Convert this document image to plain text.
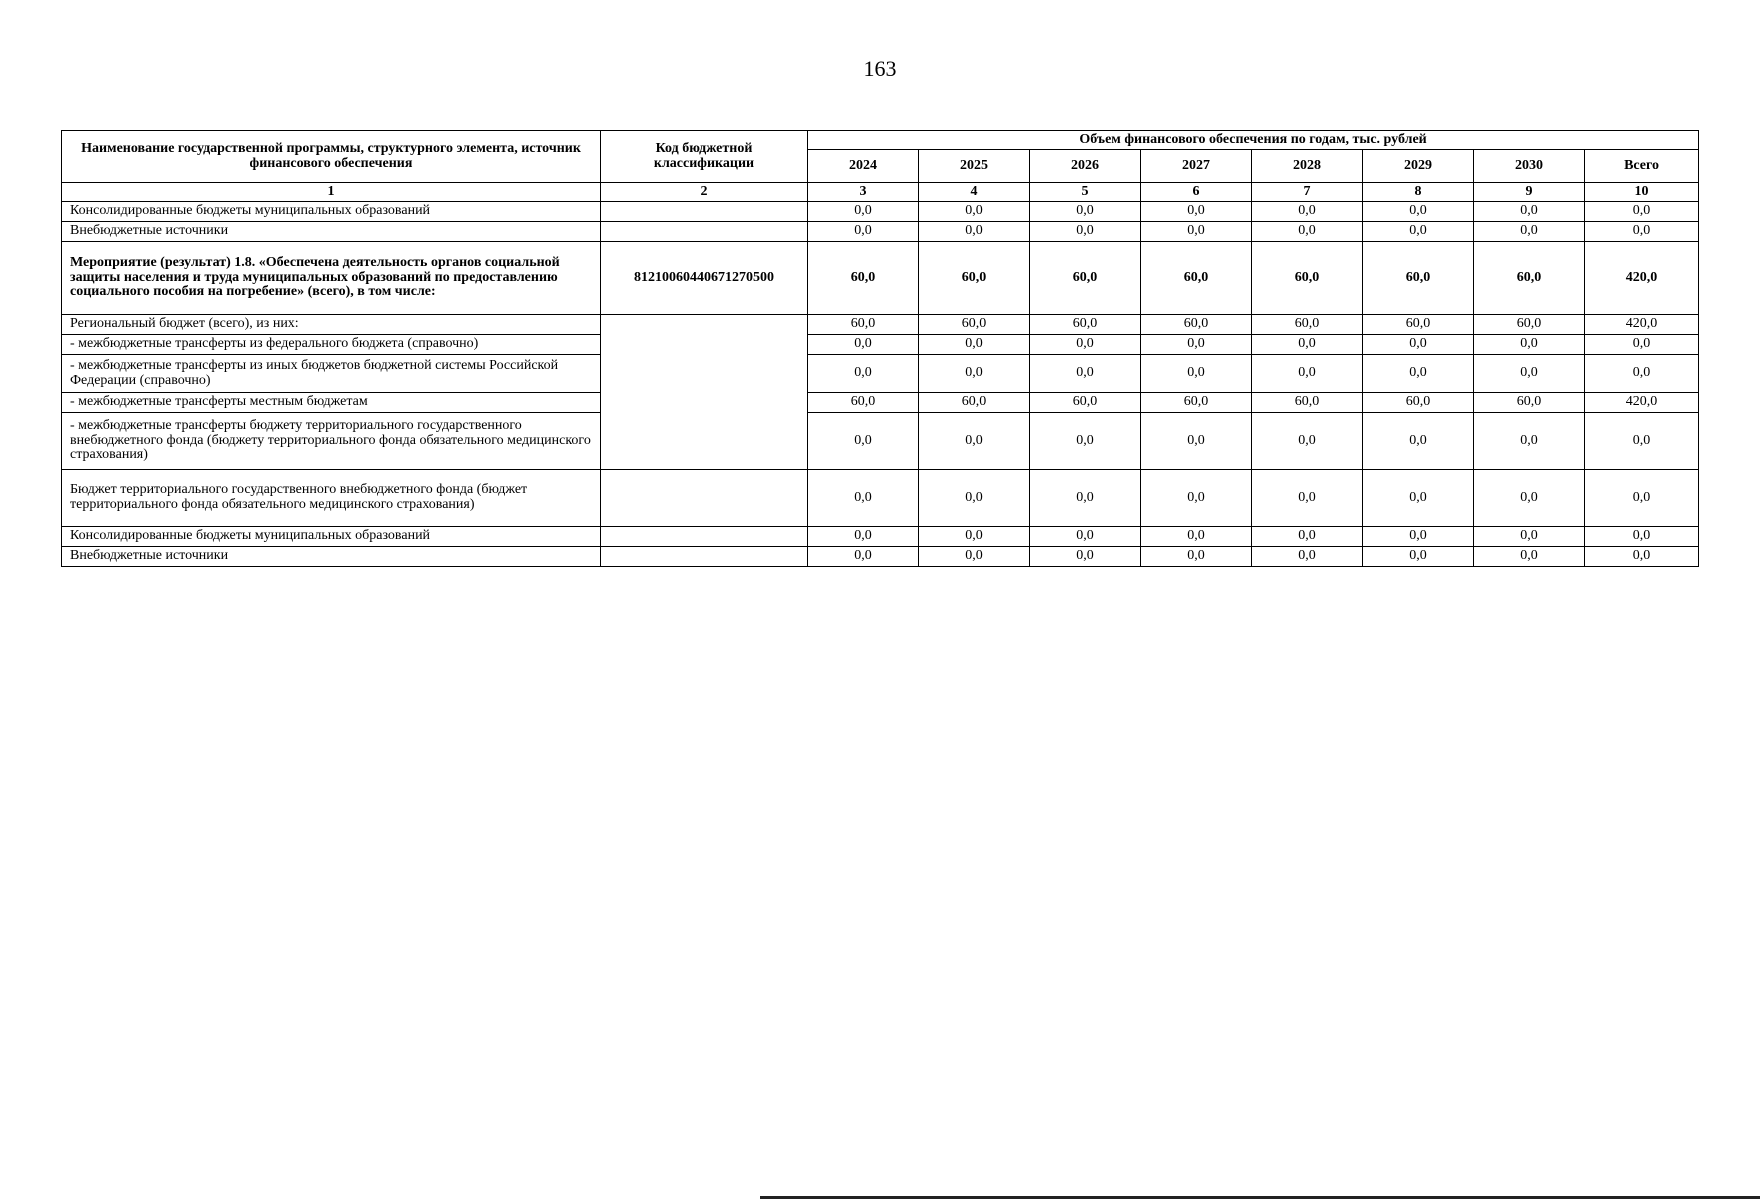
163
Наименование государственной программы, структурного элемента, источник финансового обеспечения	Код бюджетной классификации	Объем финансового обеспечения по годам, тыс. рублей							
		2024	2025	2026	2027	2028	2029	2030	Всего
1	2	3	4	5	6	7	8	9	10
Консолидированные бюджеты муниципальных образований		0,0	0,0	0,0	0,0	0,0	0,0	0,0	0,0
Внебюджетные источники		0,0	0,0	0,0	0,0	0,0	0,0	0,0	0,0
Мероприятие (результат) 1.8. «Обеспечена деятельность органов социальной защиты населения и труда муниципальных образований по предоставлению социального пособия на погребение» (всего), в том числе:	81210060440671270500	60,0	60,0	60,0	60,0	60,0	60,0	60,0	420,0
Региональный бюджет (всего), из них:		60,0	60,0	60,0	60,0	60,0	60,0	60,0	420,0
- межбюджетные трансферты из федерального бюджета (справочно)		0,0	0,0	0,0	0,0	0,0	0,0	0,0	0,0
- межбюджетные трансферты из иных бюджетов бюджетной системы Российской Федерации (справочно)		0,0	0,0	0,0	0,0	0,0	0,0	0,0	0,0
- межбюджетные трансферты местным бюджетам		60,0	60,0	60,0	60,0	60,0	60,0	60,0	420,0
- межбюджетные трансферты бюджету территориального государственного внебюджетного фонда (бюджету территориального фонда обязательного медицинского страхования)		0,0	0,0	0,0	0,0	0,0	0,0	0,0	0,0
Бюджет территориального государственного внебюджетного фонда (бюджет территориального фонда обязательного медицинского страхования)		0,0	0,0	0,0	0,0	0,0	0,0	0,0	0,0
Консолидированные бюджеты муниципальных образований		0,0	0,0	0,0	0,0	0,0	0,0	0,0	0,0
Внебюджетные источники		0,0	0,0	0,0	0,0	0,0	0,0	0,0	0,0
